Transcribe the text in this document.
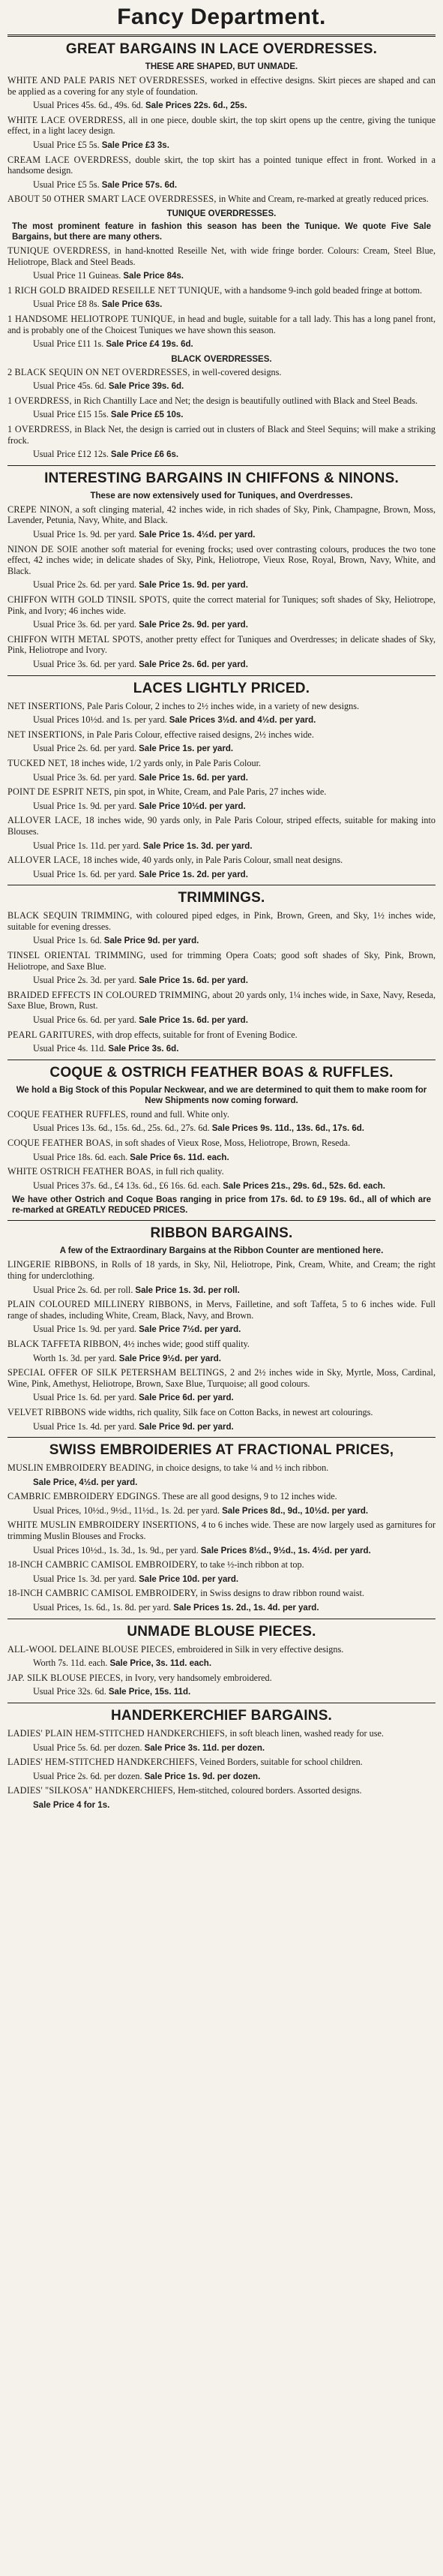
Fancy Department.
GREAT BARGAINS IN LACE OVERDRESSES.
THESE ARE SHAPED, BUT UNMADE.
WHITE AND PALE PARIS NET OVERDRESSES, worked in effective designs. Skirt pieces are shaped and can be applied as a covering for any style of foundation.
Usual Prices 45s. 6d., 49s. 6d. Sale Prices 22s. 6d., 25s.
WHITE LACE OVERDRESS, all in one piece, double skirt, the top skirt opens up the centre, giving the tunique effect, in a light lacey design.
Usual Price £5 5s. Sale Price £3 3s.
CREAM LACE OVERDRESS, double skirt, the top skirt has a pointed tunique effect in front. Worked in a handsome design.
Usual Price £5 5s. Sale Price 57s. 6d.
ABOUT 50 OTHER SMART LACE OVERDRESSES, in White and Cream, re-marked at greatly reduced prices.
TUNIQUE OVERDRESSES.
The most prominent feature in fashion this season has been the Tunique. We quote Five Sale Bargains, but there are many others.
TUNIQUE OVERDRESS, in hand-knotted Reseille Net, with wide fringe border. Colours: Cream, Steel Blue, Heliotrope, Black and Steel Beads.
Usual Price 11 Guineas. Sale Price 84s.
1 RICH GOLD BRAIDED RESEILLE NET TUNIQUE, with a handsome 9-inch gold beaded fringe at bottom.
Usual Price £8 8s. Sale Price 63s.
1 HANDSOME HELIOTROPE TUNIQUE, in head and bugle, suitable for a tall lady. This has a long panel front, and is probably one of the Choicest Tuniques we have shown this season.
Usual Price £11 1s. Sale Price £4 19s. 6d.
BLACK OVERDRESSES.
2 BLACK SEQUIN ON NET OVERDRESSES, in well-covered designs.
Usual Price 45s. 6d. Sale Price 39s. 6d.
1 OVERDRESS, in Rich Chantilly Lace and Net; the design is beautifully outlined with Black and Steel Beads.
Usual Price £15 15s. Sale Price £5 10s.
1 OVERDRESS, in Black Net, the design is carried out in clusters of Black and Steel Sequins; will make a striking frock.
Usual Price £12 12s. Sale Price £6 6s.
INTERESTING BARGAINS IN CHIFFONS & NINONS.
These are now extensively used for Tuniques, and Overdresses.
CREPE NINON, a soft clinging material, 42 inches wide, in rich shades of Sky, Pink, Champagne, Brown, Moss, Lavender, Petunia, Navy, White, and Black.
Usual Price 1s. 9d. per yard. Sale Price 1s. 4½d. per yard.
NINON DE SOIE another soft material for evening frocks; used over contrasting colours, produces the two tone effect, 42 inches wide; in delicate shades of Sky, Pink, Heliotrope, Vieux Rose, Royal, Brown, Navy, White, and Black.
Usual Price 2s. 6d. per yard. Sale Price 1s. 9d. per yard.
CHIFFON WITH GOLD TINSIL SPOTS, quite the correct material for Tuniques; soft shades of Sky, Heliotrope, Pink, and Ivory; 46 inches wide.
Usual Price 3s. 6d. per yard. Sale Price 2s. 9d. per yard.
CHIFFON WITH METAL SPOTS, another pretty effect for Tuniques and Overdresses; in delicate shades of Sky, Pink, Heliotrope and Ivory.
Usual Price 3s. 6d. per yard. Sale Price 2s. 6d. per yard.
LACES LIGHTLY PRICED.
NET INSERTIONS, Pale Paris Colour, 2 inches to 2½ inches wide, in a variety of new designs.
Usual Prices 10½d. and 1s. per yard. Sale Prices 3½d. and 4½d. per yard.
NET INSERTIONS, in Pale Paris Colour, effective raised designs, 2½ inches wide.
Usual Price 2s. 6d. per yard. Sale Price 1s. per yard.
TUCKED NET, 18 inches wide, 1/2 yards only, in Pale Paris Colour.
Usual Price 3s. 6d. per yard. Sale Price 1s. 6d. per yard.
POINT DE ESPRIT NETS, pin spot, in White, Cream, and Pale Paris, 27 inches wide.
Usual Price 1s. 9d. per yard. Sale Price 10½d. per yard.
ALLOVER LACE, 18 inches wide, 90 yards only, in Pale Paris Colour, striped effects, suitable for making into Blouses.
Usual Price 1s. 11d. per yard. Sale Price 1s. 3d. per yard.
ALLOVER LACE, 18 inches wide, 40 yards only, in Pale Paris Colour, small neat designs.
Usual Price 1s. 6d. per yard. Sale Price 1s. 2d. per yard.
TRIMMINGS.
BLACK SEQUIN TRIMMING, with coloured piped edges, in Pink, Brown, Green, and Sky, 1½ inches wide, suitable for evening dresses.
Usual Price 1s. 6d. Sale Price 9d. per yard.
TINSEL ORIENTAL TRIMMING, used for trimming Opera Coats; good soft shades of Sky, Pink, Brown, Heliotrope, and Saxe Blue.
Usual Price 2s. 3d. per yard. Sale Price 1s. 6d. per yard.
BRAIDED EFFECTS IN COLOURED TRIMMING, about 20 yards only, 1¼ inches wide, in Saxe, Navy, Reseda, Saxe Blue, Brown, Rust.
Usual Price 6s. 6d. per yard. Sale Price 1s. 6d. per yard.
PEARL GARITURES, with drop effects, suitable for front of Evening Bodice.
Usual Price 4s. 11d. Sale Price 3s. 6d.
COQUE & OSTRICH FEATHER BOAS & RUFFLES.
We hold a Big Stock of this Popular Neckwear, and we are determined to quit them to make room for New Shipments now coming forward.
COQUE FEATHER RUFFLES, round and full. White only.
Usual Prices 13s. 6d., 15s. 6d., 25s. 6d., 27s. 6d. Sale Prices 9s. 11d., 13s. 6d., 17s. 6d.
COQUE FEATHER BOAS, in soft shades of Vieux Rose, Moss, Heliotrope, Brown, Reseda.
Usual Price 18s. 6d. each. Sale Price 6s. 11d. each.
WHITE OSTRICH FEATHER BOAS, in full rich quality.
Usual Prices 37s. 6d., £4 13s. 6d., £6 16s. 6d. each. Sale Prices 21s., 29s. 6d., 52s. 6d. each.
We have other Ostrich and Coque Boas ranging in price from 17s. 6d. to £9 19s. 6d., all of which are re-marked at GREATLY REDUCED PRICES.
RIBBON BARGAINS.
A few of the Extraordinary Bargains at the Ribbon Counter are mentioned here.
LINGERIE RIBBONS, in Rolls of 18 yards, in Sky, Nil, Heliotrope, Pink, Cream, White, and Cream; the right thing for underclothing.
Usual Price 2s. 6d. per roll. Sale Price 1s. 3d. per roll.
PLAIN COLOURED MILLINERY RIBBONS, in Mervs, Failletine, and soft Taffeta, 5 to 6 inches wide. Full range of shades, including White, Cream, Black, Navy, and Brown.
Usual Price 1s. 9d. per yard. Sale Price 7½d. per yard.
BLACK TAFFETA RIBBON, 4½ inches wide; good stiff quality.
Worth 1s. 3d. per yard. Sale Price 9½d. per yard.
SPECIAL OFFER OF SILK PETERSHAM BELTINGS, 2 and 2½ inches wide in Sky, Myrtle, Moss, Cardinal, Wine, Pink, Amethyst, Heliotrope, Brown, Saxe Blue, Turquoise; all good colours.
Usual Price 1s. 6d. per yard. Sale Price 6d. per yard.
VELVET RIBBONS wide widths, rich quality, Silk face on Cotton Backs, in newest art colourings.
Usual Price 1s. 4d. per yard. Sale Price 9d. per yard.
SWISS EMBROIDERIES AT FRACTIONAL PRICES,
MUSLIN EMBROIDERY BEADING, in choice designs, to take ¼ and ½ inch ribbon.
Sale Price, 4½d. per yard.
CAMBRIC EMBROIDERY EDGINGS. These are all good designs, 9 to 12 inches wide.
Usual Prices, 10½d., 9½d., 11½d., 1s. 2d. per yard. Sale Prices 8d., 9d., 10½d. per yard.
WHITE MUSLIN EMBROIDERY INSERTIONS, 4 to 6 inches wide. These are now largely used as garnitures for trimming Muslin Blouses and Frocks.
Usual Prices 10½d., 1s. 3d., 1s. 9d., per yard. Sale Prices 8½d., 9½d., 1s. 4½d. per yard.
18-INCH CAMBRIC CAMISOL EMBROIDERY, to take ½-inch ribbon at top.
Usual Price 1s. 3d. per yard. Sale Price 10d. per yard.
18-INCH CAMBRIC CAMISOL EMBROIDERY, in Swiss designs to draw ribbon round waist.
Usual Prices, 1s. 6d., 1s. 8d. per yard. Sale Prices 1s. 2d., 1s. 4d. per yard.
UNMADE BLOUSE PIECES.
ALL-WOOL DELAINE BLOUSE PIECES, embroidered in Silk in very effective designs.
Worth 7s. 11d. each. Sale Price, 3s. 11d. each.
JAP. SILK BLOUSE PIECES, in Ivory, very handsomely embroidered.
Usual Price 32s. 6d. Sale Price, 15s. 11d.
HANDERKERCHIEF BARGAINS.
LADIES' PLAIN HEM-STITCHED HANDKERCHIEFS, in soft bleach linen, washed ready for use.
Usual Price 5s. 6d. per dozen. Sale Price 3s. 11d. per dozen.
LADIES' HEM-STITCHED HANDKERCHIEFS, Veined Borders, suitable for school children.
Usual Price 2s. 6d. per dozen. Sale Price 1s. 9d. per dozen.
LADIES' "SILKOSA" HANDKERCHIEFS, Hem-stitched, coloured borders. Assorted designs.
Sale Price 4 for 1s.
